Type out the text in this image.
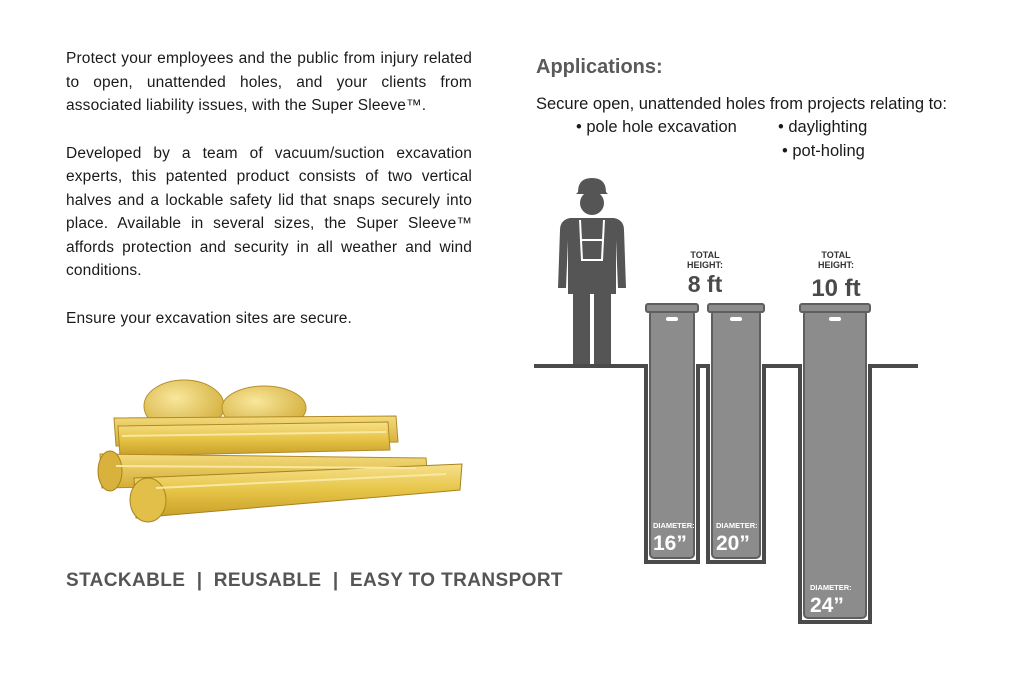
Protect your employees and the public from injury related to open, unattended holes, and your clients from associated liability issues, with the Super Sleeve™.

Developed by a team of vacuum/suction excavation experts, this patented product consists of two vertical halves and a lockable safety lid that snaps securely into place. Available in several sizes, the Super Sleeve™ affords protection and security in all weather and wind conditions.

Ensure your excavation sites are secure.

STACKABLE  |  REUSABLE  |  EASY TO TRANSPORT
Applications:
Secure open, unattended holes from projects relating to:
• pole hole excavation • daylighting
• pot-holing
TOTAL
HEIGHT:
8 ft
TOTAL
HEIGHT:
10 ft
DIAMETER:
16”
DIAMETER:
20”
DIAMETER:
24”
